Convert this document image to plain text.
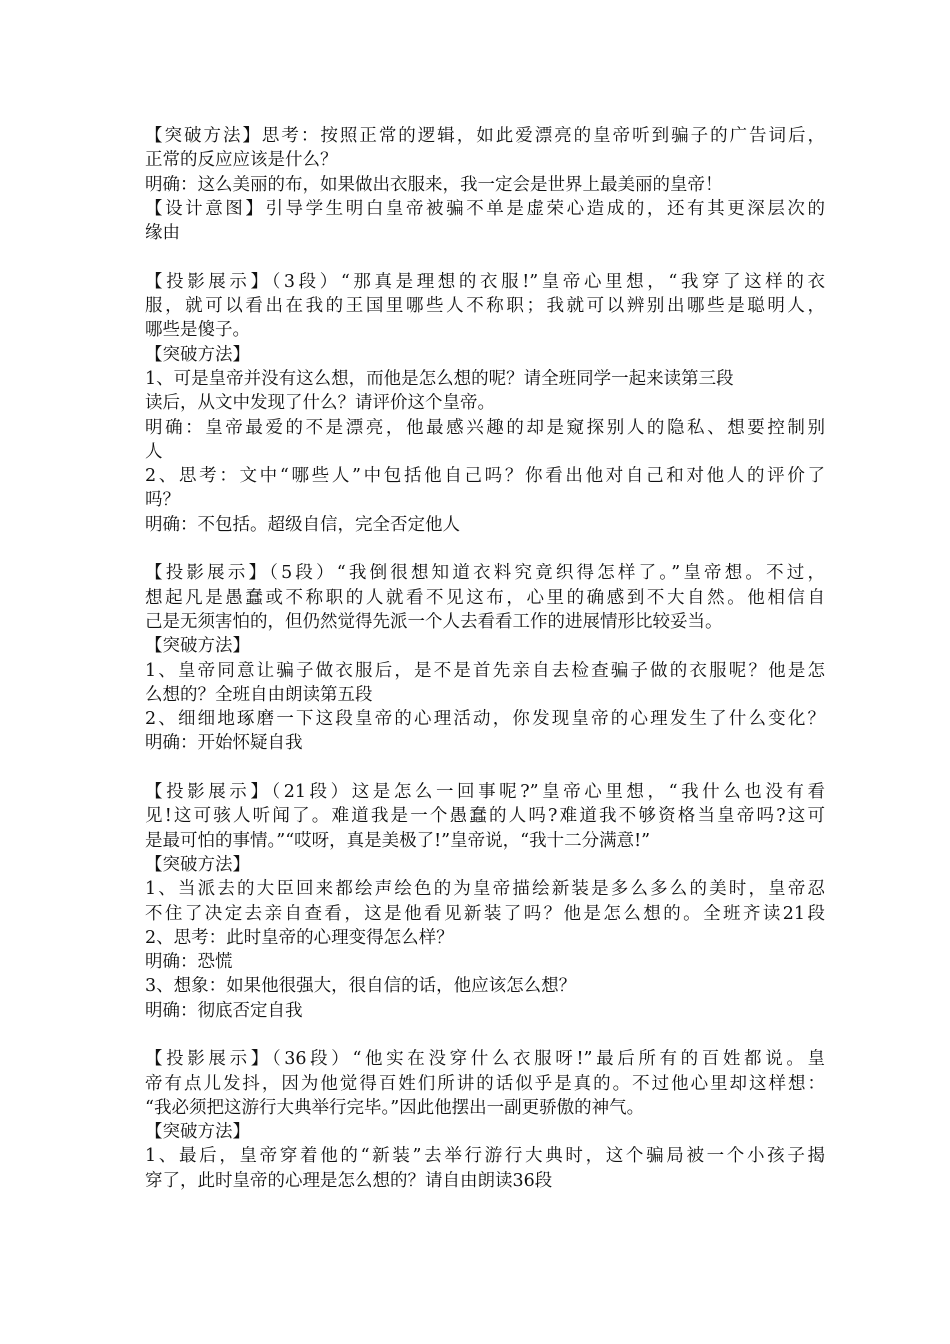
【突破方法】思考：按照正常的逻辑，如此爱漂亮的皇帝听到骗子的广告词后，
正常的反应应该是什么？
明确：这么美丽的布，如果做出衣服来，我一定会是世界上最美丽的皇帝！
【设计意图】引导学生明白皇帝被骗不单是虚荣心造成的，还有其更深层次的
缘由
【投影展示】（3段）“那真是理想的衣服!”皇帝心里想，“我穿了这样的衣
服，就可以看出在我的王国里哪些人不称职；我就可以辨别出哪些是聪明人，
哪些是傻子。
【突破方法】
1、可是皇帝并没有这么想，而他是怎么想的呢？请全班同学一起来读第三段
读后，从文中发现了什么？请评价这个皇帝。
明确：皇帝最爱的不是漂亮，他最感兴趣的却是窥探别人的隐私、想要控制别
人
2、思考：文中“哪些人”中包括他自己吗？你看出他对自己和对他人的评价了
吗？
明确：不包括。超级自信，完全否定他人
【投影展示】（5段）“我倒很想知道衣料究竟织得怎样了。”皇帝想。不过，
想起凡是愚蠢或不称职的人就看不见这布，心里的确感到不大自然。他相信自
己是无须害怕的，但仍然觉得先派一个人去看看工作的进展情形比较妥当。
【突破方法】
1、皇帝同意让骗子做衣服后，是不是首先亲自去检查骗子做的衣服呢？他是怎
么想的？全班自由朗读第五段
2、细细地琢磨一下这段皇帝的心理活动，你发现皇帝的心理发生了什么变化？
明确：开始怀疑自我
【投影展示】（21段）这是怎么一回事呢?”皇帝心里想，“我什么也没有看
见!这可骇人听闻了。难道我是一个愚蠢的人吗?难道我不够资格当皇帝吗?这可
是最可怕的事情。”“哎呀，真是美极了!”皇帝说，“我十二分满意!”
【突破方法】
1、当派去的大臣回来都绘声绘色的为皇帝描绘新装是多么多么的美时，皇帝忍
不住了决定去亲自查看，这是他看见新装了吗？他是怎么想的。全班齐读21段
2、思考：此时皇帝的心理变得怎么样？
明确：恐慌
3、想象：如果他很强大，很自信的话，他应该怎么想？
明确：彻底否定自我
【投影展示】（36段）“他实在没穿什么衣服呀!”最后所有的百姓都说。皇
帝有点儿发抖，因为他觉得百姓们所讲的话似乎是真的。不过他心里却这样想：
“我必须把这游行大典举行完毕。”因此他摆出一副更骄傲的神气。
【突破方法】
1、最后，皇帝穿着他的“新装”去举行游行大典时，这个骗局被一个小孩子揭
穿了，此时皇帝的心理是怎么想的？请自由朗读36段
